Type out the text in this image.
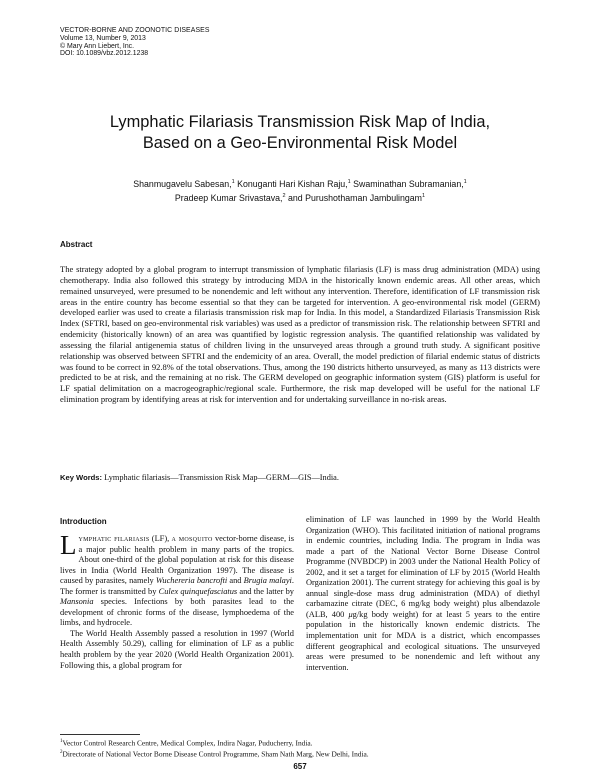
VECTOR-BORNE AND ZOONOTIC DISEASES
Volume 13, Number 9, 2013
© Mary Ann Liebert, Inc.
DOI: 10.1089/vbz.2012.1238
Lymphatic Filariasis Transmission Risk Map of India,
Based on a Geo-Environmental Risk Model
Shanmugavelu Sabesan,$^1$ Konuganti Hari Kishan Raju,$^1$ Swaminathan Subramanian,$^1$
Pradeep Kumar Srivastava,$^2$ and Purushothaman Jambulingam$^1$
Abstract

The strategy adopted by a global program to interrupt transmission of lymphatic filariasis (LF) is mass drug administration (MDA) using chemotherapy. India also followed this strategy by introducing MDA in the historically known endemic areas. All other areas, which remained unsurveyed, were presumed to be nonendemic and left without any intervention. Therefore, identification of LF transmission risk areas in the entire country has become essential so that they can be targeted for intervention. A geo-environmental risk model (GERM) developed earlier was used to create a filariasis transmission risk map for India. In this model, a Standardized Filariasis Transmission Risk Index (SFTRI, based on geo-environmental risk variables) was used as a predictor of transmission risk. The relationship between SFTRI and endemicity (historically known) of an area was quantified by logistic regression analysis. The quantified relationship was validated by assessing the filarial antigenemia status of children living in the unsurveyed areas through a ground truth study. A significant positive relationship was observed between SFTRI and the endemicity of an area. Overall, the model prediction of filarial endemic status of districts was found to be correct in 92.8% of the total observations. Thus, among the 190 districts hitherto unsurveyed, as many as 113 districts were predicted to be at risk, and the remaining at no risk. The GERM developed on geographic information system (GIS) platform is useful for LF spatial delimitation on a macrogeographic/regional scale. Furthermore, the risk map developed will be useful for the national LF elimination program by identifying areas at risk for intervention and for undertaking surveillance in no-risk areas.

Key Words: Lymphatic filariasis—Transmission Risk Map—GERM—GIS—India.
Introduction

Lymphatic filariasis (LF), a mosquito vector-borne disease, is a major public health problem in many parts of the tropics. About one-third of the global population at risk for this disease lives in India (World Health Organization 1997). The disease is caused by parasites, namely Wuchereria bancrofti and Brugia malayi. The former is transmitted by Culex quinquefasciatus and the latter by Mansonia species. Infections by both parasites lead to the development of chronic forms of the disease, lymphoedema of the limbs, and hydrocele.

The World Health Assembly passed a resolution in 1997 (World Health Assembly 50.29), calling for elimination of LF as a public health problem by the year 2020 (World Health Organization 2001). Following this, a global program for

elimination of LF was launched in 1999 by the World Health Organization (WHO). This facilitated initiation of national programs in endemic countries, including India. The program in India was made a part of the National Vector Borne Disease Control Programme (NVBDCP) in 2003 under the National Health Policy of 2002, and it set a target for elimination of LF by 2015 (World Health Organization 2001). The current strategy for achieving this goal is by annual single-dose mass drug administration (MDA) of diethyl carbamazine citrate (DEC, 6 mg/kg body weight) plus albendazole (ALB, 400 μg/kg body weight) for at least 5 years to the entire population in the historically known endemic districts. The implementation unit for MDA is a district, which encompasses different geographical and ecological situations. The unsurveyed areas were presumed to be nonendemic and left without any intervention.

$^1$Vector Control Research Centre, Medical Complex, Indira Nagar, Puducherry, India.
$^2$Directorate of National Vector Borne Disease Control Programme, Sham Nath Marg, New Delhi, India.
657
